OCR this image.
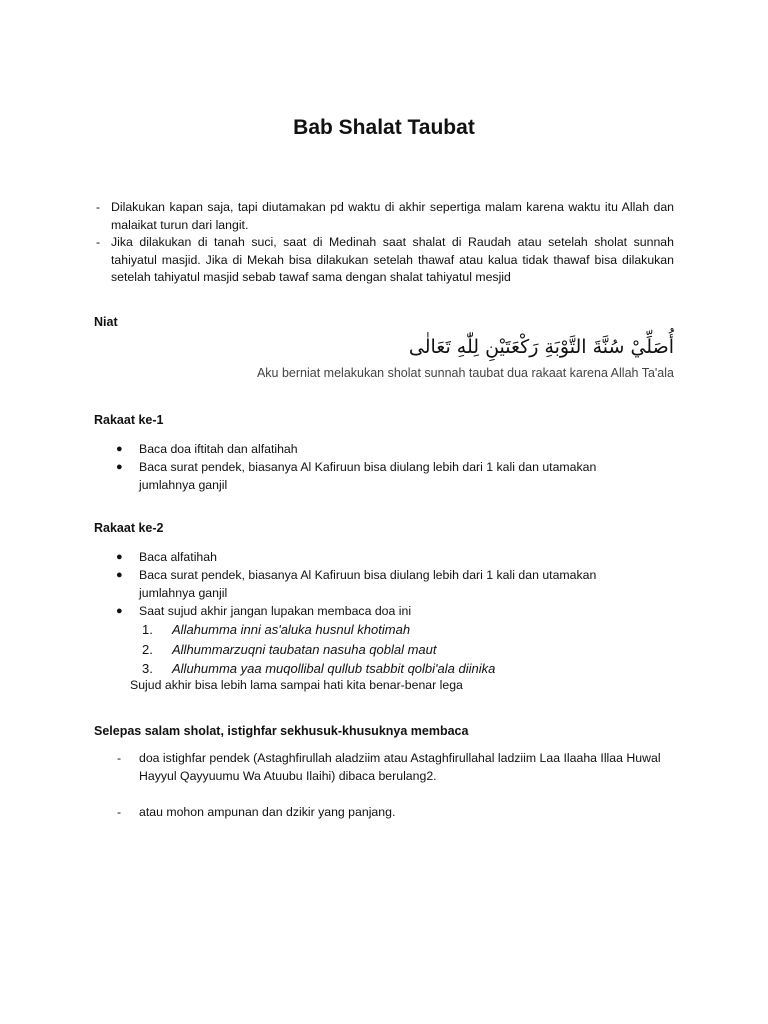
Bab Shalat Taubat
- Dilakukan kapan saja, tapi diutamakan pd waktu di akhir sepertiga malam karena waktu itu Allah dan malaikat turun dari langit.
- Jika dilakukan di tanah suci, saat di Medinah saat shalat di Raudah atau setelah sholat sunnah tahiyatul masjid. Jika di Mekah bisa dilakukan setelah thawaf atau kalua tidak thawaf bisa dilakukan setelah tahiyatul masjid sebab tawaf sama dengan shalat tahiyatul mesjid
Niat
أُصَلِّيْ سُنَّةَ التَّوْبَةِ رَكْعَتَيْنِ لِلّٰهِ تَعَالٰى
Aku berniat melakukan sholat sunnah taubat dua rakaat karena Allah Ta'ala
Rakaat ke-1
● Baca doa iftitah dan alfatihah
● Baca surat pendek, biasanya Al Kafiruun bisa diulang lebih dari 1 kali dan utamakan jumlahnya ganjil
Rakaat ke-2
● Baca alfatihah
● Baca surat pendek, biasanya Al Kafiruun bisa diulang lebih dari 1 kali dan utamakan jumlahnya ganjil
● Saat sujud akhir jangan lupakan membaca doa ini
1. Allahumma inni as'aluka husnul khotimah
2. Allhummarzuqni taubatan nasuha qoblal maut
3. Alluhumma yaa muqollibal qullub tsabbit qolbi'ala diinika
Sujud akhir bisa lebih lama sampai hati kita benar-benar lega
Selepas salam sholat, istighfar sekhusuk-khusuknya membaca
- doa istighfar pendek (Astaghfirullah aladziim atau Astaghfirullahal ladziim Laa Ilaaha Illaa Huwal Hayyul Qayyuumu Wa Atuubu Ilaihi) dibaca berulang2.
- atau mohon ampunan dan dzikir yang panjang.
